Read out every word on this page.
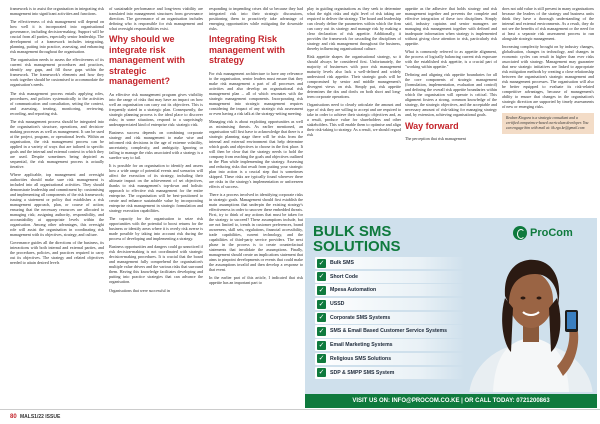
framework is to assist the organisation in integrating risk management into significant activities and functions.

The effectiveness of risk management will depend on how well it is incorporated into organisational governance, including decision-making. Support will be crucial from all parties, especially senior leadership. The development of a framework includes integrating, planning, putting into practice, assessing, and enhancing risk management throughout the organisation.

The organisation needs to assess the effectiveness of its current risk management procedures and practices, identify any gaps, and fill those gaps within the framework. The framework's elements and how they work together should be customised to accommodate the organisation's needs.

The risk management process entails applying roles, procedures, and policies systematically to the activities of communication and consultation, setting the context, and assessing, treating, monitoring, reviewing, recording, and reporting risk.

The risk management process should be integrated into the organisation's structure, operations, and decision-making processes as well as management. It can be used at the project, program, or operational levels. Within an organisation, the risk management process can be applied in a variety of ways that are tailored to specific goals and the internal and external context in which they are used. Despite sometimes being depicted as sequential, the risk management process is actually iterative.

Where applicable, top management and oversight authorities should make sure risk management is included into all organisational activities. They should demonstrate leadership and commitment by: customising and implementing all components of the risk framework; issuing a statement or policy that establishes a risk management approach, plan, or course of action; ensuring that the necessary resources are allocated to managing risk; assigning authority, responsibility, and accountability at appropriate levels within the organisation. Among other advantages, this oversight role will assist the organisation in coordinating risk management with its objectives, strategy, and culture.

Governance guides all the directions of the business, its interactions with both internal and external parties, and the procedures, policies, and practices required to carry out its objectives. The strategy and related objectives needed to attain desired levels

of sustainable performance and long-term viability are translated into management structures from governance direction. The governance of an organisation includes defining who is responsible for risk management and what oversight responsibilities exist.

Why should we integrate risk management with strategic management?

An effective risk management program gives visibility into the range of risks that may have an impact on how well an organisation can carry out its objectives. This is frequently stated in a strategic plan. Consequently, the strategic planning process is the ideal place to discover risks; in some situations, respond to a surprisingly underappreciated kind of enterprise risk: strategic risk.

Business success depends on combining corporate strategy and risk management to make wise and informed risk decisions in the age of extreme volatility, uncertainty, complexity, and ambiguity. Ignoring or failing to manage the risks associated with a strategy is a surefire way to fail.

It is possible for an organisation to identify and assess how a wide range of potential events and scenarios will affect the execution of its strategy, including their ultimate impact on the achievement of set objectives, thanks to risk management's top-down and holistic approach to effective risk management for the entire enterprise. The organisation will be best-positioned to create and enhance sustainable value by incorporating enterprise risk management in strategic formulation and strategy execution capabilities.

The capacity for the organisation to seize risk opportunities with the potential to boost returns for the business or identify areas where it is overly risk averse is made possible by taking into account risk during the process of developing and implementing a strategy.

Business opportunities and dangers could go unnoticed if risk decision-making is not coordinated with strategic decision-making procedures. It is crucial that the board and management fully comprehend the organisation's multiple value drivers and the various risks that surround them. Having this knowledge facilitates developing and putting into practice strategies that can advance the organisation.

Organisations that were successful in

responding to impending crises did so because they had integrated risk into their strategic discussions, positioning them to proactively take advantage of emerging opportunities while mitigating the downside risks.

Integrating Risk management with strategy

For risk management architecture to have any relevance to the organisation, senior leaders must ensure that they make risk management a part of all processes and activities and also develop an organisational risk management plan – all of which resonates with the strategic management components. Incorporating risk management into strategic management requires considering the impact of any strategic risk assessment or even having a risk talk at the strategy-setting meeting.

Managing risk is about exploiting opportunities as well as minimising threats. As earlier mentioned, an organisation will first have to acknowledge that there is a strategic planning stage there will be risks from the internal and external environment that help determine which goals and objectives to choose in the first place. It will then be clear that the strategy needs to hold the company from reaching the goals and objectives outlined in the Plan while implementing the strategy. Assessing and reducing risks that result from putting your strategic plan into action is a crucial step that is sometimes skipped. These risks are typically found wherever there are risks in the strategy's implementation or unforeseen effects of success.

There is a process involved in identifying corporate risks in strategic goals. Management should first establish the main assumptions that underpin the existing strategy's effectiveness in order to uncover these embedded threats. First, try to think of any actions that must be taken for the strategy to succeed? These assumptions include, but are not limited to, trends in customer preferences, brand awareness, skill sets, regulations, financial accessibility, trade capabilities, current technology, and the capabilities of third-party service providers. The next phase in the process is to create counterfactual statements that invalidate the assumptions. Finally, management should create an implications statement that aims to pinpoint developments or events that could make the assumptions invalid and then develop a response to that event.

In the earlier part of this article, I indicated that risk appetite has an important part to

play in guiding organisations as they seek to determine what the right risks and right level of risk taking are required to deliver the strategy. The board and leadership can clearly define the parameters within which the firm can carry out its strategy and manage risk by making a clear declaration of risk appetite. Additionally, it provides the framework for cascading the disciplines of strategy and risk management throughout the business, thereby influencing organisational culture.

Risk appetite shapes the organisational strategy, so it should always be considered first. Unfortunately, the majority of businesses with poor risk management maturity levels also lack a well-defined and widely understood risk appetite. Their strategic goals will be compromised by senior and middle management's divergent views on risk. Simply put, risk appetite determines the dos and don'ts on both short and long-term corporate operations.

Organisations need to clearly articulate the amount and type of risk they are willing to accept and are required to take in order to achieve their strategic objectives and, as a result, produce value for shareholders and other stakeholders. This will enable them to optimise and align their risk-taking to strategy. As a result, we should regard risk

appetite as the adhesive that holds strategy and risk management together and prevents the complete and effective integration of these two disciplines. Simply said, industry captains and senior managers are managing risk management together with defined and inadequate information when strategy is implemented without giving close attention to risk, particularly risk appetite.

What is commonly referred to as appetite alignment, the process of logically balancing current risk exposure with the established risk appetite, is a crucial part of "working within appetite."

Defining and aligning risk appetite boundaries for all the core components of strategic management (formulation, implementation, evaluation and control) and defining the overall risk appetite boundaries within which the organisation will operate is critical. This alignment fosters a strong, common knowledge of the strategy, the strategic objectives, and the acceptable and necessary amount of risk-taking for managing strategy and, by extension, achieving organisational goals.

Way forward

The perception that risk management

does not add value is still present in many organisations because the leaders of the strategy and business units think they have a thorough understanding of the internal and external environments. As a result, they do not see the benefits of risk management or the need for at least a separate risk assessment process to run alongside strategic management.

Increasing complexity brought on by industry changes, globalisation, changes in technology, and changes in economic cycles can result in higher than ever risks associated with strategy. Management may guarantee that new strategic initiatives are linked to appropriate risk mitigation methods by creating a close relationship between the organisation's strategic management and risk management processes. The organisation will also be better equipped to evaluate its risk-related competitive advantages, because of management's ability to ensure that changes in the organisation's strategic direction are supported by timely assessments of new or emerging risks.

Reuben Kiogora is a strategic consultant and a certified competence-based curriculum developer. You can engage him with mail at: kk.rgo.ke@gmail.com
BULK SMS
SOLUTIONS
ProCom
✓	Bulk SMS
✓	Short Code
✓	Mpesa Automation
✓	USSD
✓	Corporate SMS Systems
✓	SMS & Email Based Customer Service Systems
✓	Email Marketing Systems
✓	Religious SMS Solutions
✓	SDP & SMPP SMS System
VISIT US ON: INFO@PROCOM.CO.KE | OR CALL TODAY: 0721200863
80 MALS1/22 ISSUE
